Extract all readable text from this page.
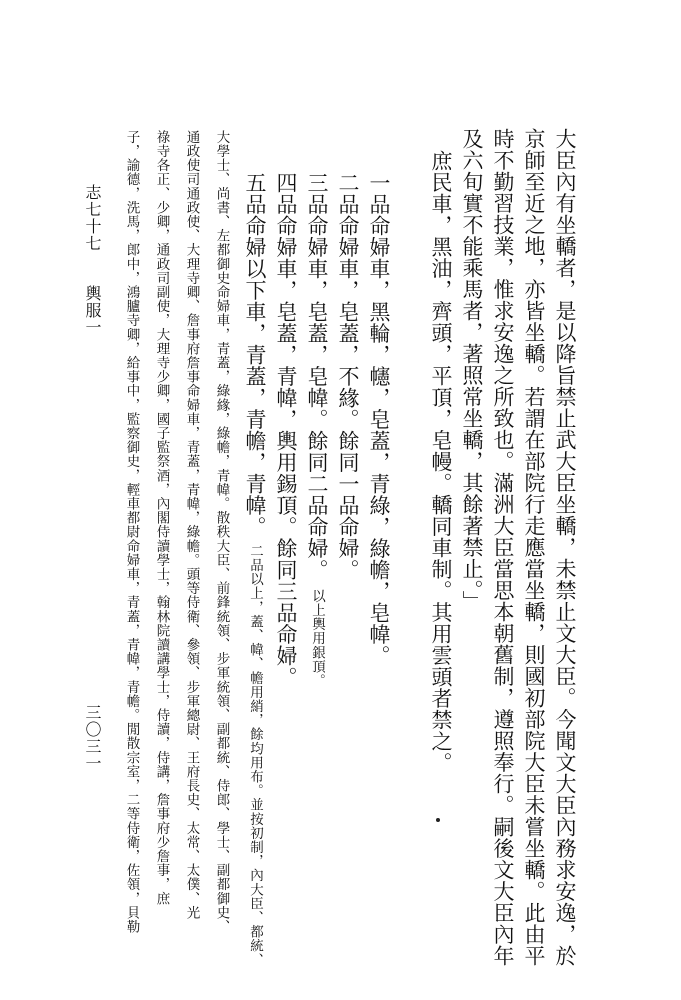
大臣內有坐轎者，是以降旨禁止武大臣坐轎，未禁止文大臣。今聞文大臣內務求安逸，於
京師至近之地，亦皆坐轎。若謂在部院行走應當坐轎，則國初部院大臣未嘗坐轎。此由平
時不勤習技業，惟求安逸之所致也。滿洲大臣當思本朝舊制，遵照奉行。嗣後文大臣內年
及六旬實不能乘馬者，著照常坐轎，其餘著禁止。」
庶民車，黑油，齊頭，平頂，皂幔。轎同車制。其用雲頭者禁之。
一品命婦車，黑輪，幰，皂蓋，青綠，綠幨，皂幃。
二品命婦車，皂蓋，不緣。餘同一品命婦。
三品命婦車，皂蓋，皂幃。餘同二品命婦。以上輿用銀頂。
四品命婦車，皂蓋，青幃，輿用錫頂。餘同三品命婦。
五品命婦以下車，青蓋，青幨，青幃。二品以上，蓋、幃、幨用綃，餘均用布。並按初制，內大臣、都統、
大學士、尚書、左都御史命婦車，青蓋，綠緣，綠幨，青幃。散秩大臣、前鋒統領、步軍統領、副都統、侍郎、學士、副都御史、
通政使司通政使、大理寺卿、詹事府詹事命婦車，青蓋，青幃，綠幨。頭等侍衛、參領、步軍總尉、王府長史、太常、太僕、光
祿寺各正、少卿，通政司副使，大理寺少卿，國子監祭酒，內閣侍讀學士，翰林院讀講學士，侍讀，侍講，詹事府少詹事，庶
子，諭德，洗馬，郎中，鴻臚寺卿，給事中，監察御史，輕車都尉命婦車，青蓋，青幃，青幨。閒散宗室，二等侍衛，佐領，貝勒
志七十七
輿服一
三〇三一
